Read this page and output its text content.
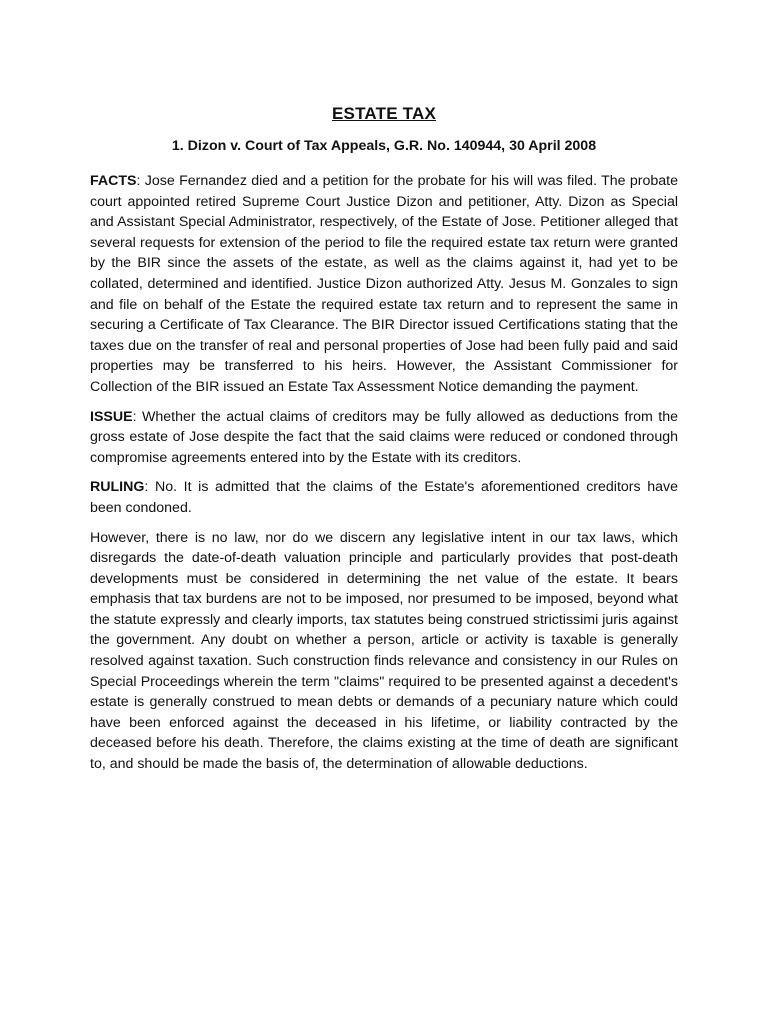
ESTATE TAX
1. Dizon v. Court of Tax Appeals, G.R. No. 140944, 30 April 2008

FACTS: Jose Fernandez died and a petition for the probate for his will was filed. The probate court appointed retired Supreme Court Justice Dizon and petitioner, Atty. Dizon as Special and Assistant Special Administrator, respectively, of the Estate of Jose. Petitioner alleged that several requests for extension of the period to file the required estate tax return were granted by the BIR since the assets of the estate, as well as the claims against it, had yet to be collated, determined and identified. Justice Dizon authorized Atty. Jesus M. Gonzales to sign and file on behalf of the Estate the required estate tax return and to represent the same in securing a Certificate of Tax Clearance. The BIR Director issued Certifications stating that the taxes due on the transfer of real and personal properties of Jose had been fully paid and said properties may be transferred to his heirs. However, the Assistant Commissioner for Collection of the BIR issued an Estate Tax Assessment Notice demanding the payment.

ISSUE: Whether the actual claims of creditors may be fully allowed as deductions from the gross estate of Jose despite the fact that the said claims were reduced or condoned through compromise agreements entered into by the Estate with its creditors.

RULING: No. It is admitted that the claims of the Estate's aforementioned creditors have been condoned.

However, there is no law, nor do we discern any legislative intent in our tax laws, which disregards the date-of-death valuation principle and particularly provides that post-death developments must be considered in determining the net value of the estate. It bears emphasis that tax burdens are not to be imposed, nor presumed to be imposed, beyond what the statute expressly and clearly imports, tax statutes being construed strictissimi juris against the government. Any doubt on whether a person, article or activity is taxable is generally resolved against taxation. Such construction finds relevance and consistency in our Rules on Special Proceedings wherein the term "claims" required to be presented against a decedent's estate is generally construed to mean debts or demands of a pecuniary nature which could have been enforced against the deceased in his lifetime, or liability contracted by the deceased before his death. Therefore, the claims existing at the time of death are significant to, and should be made the basis of, the determination of allowable deductions.
